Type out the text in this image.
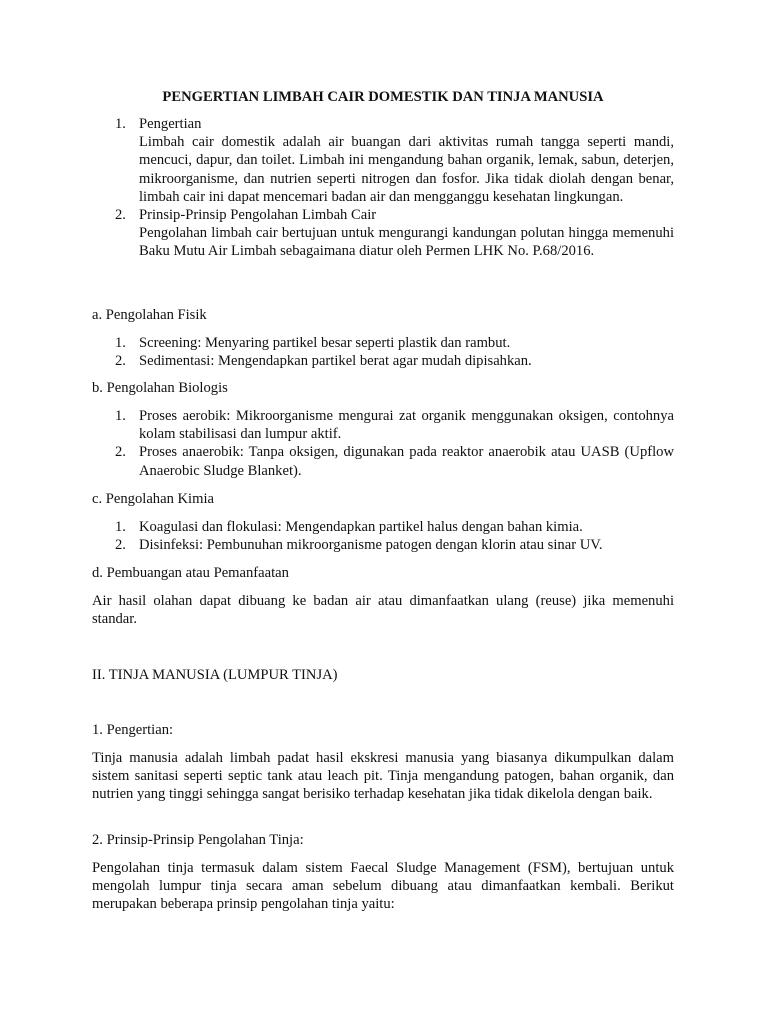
PENGERTIAN LIMBAH CAIR DOMESTIK DAN TINJA MANUSIA
1. Pengertian
Limbah cair domestik adalah air buangan dari aktivitas rumah tangga seperti mandi, mencuci, dapur, dan toilet. Limbah ini mengandung bahan organik, lemak, sabun, deterjen, mikroorganisme, dan nutrien seperti nitrogen dan fosfor. Jika tidak diolah dengan benar, limbah cair ini dapat mencemari badan air dan mengganggu kesehatan lingkungan.
2. Prinsip-Prinsip Pengolahan Limbah Cair
Pengolahan limbah cair bertujuan untuk mengurangi kandungan polutan hingga memenuhi Baku Mutu Air Limbah sebagaimana diatur oleh Permen LHK No. P.68/2016.

a. Pengolahan Fisik

1. Screening: Menyaring partikel besar seperti plastik dan rambut.
2. Sedimentasi: Mengendapkan partikel berat agar mudah dipisahkan.

b. Pengolahan Biologis

1. Proses aerobik: Mikroorganisme mengurai zat organik menggunakan oksigen, contohnya kolam stabilisasi dan lumpur aktif.
2. Proses anaerobik: Tanpa oksigen, digunakan pada reaktor anaerobik atau UASB (Upflow Anaerobic Sludge Blanket).

c. Pengolahan Kimia

1. Koagulasi dan flokulasi: Mengendapkan partikel halus dengan bahan kimia.
2. Disinfeksi: Pembunuhan mikroorganisme patogen dengan klorin atau sinar UV.

d. Pembuangan atau Pemanfaatan

Air hasil olahan dapat dibuang ke badan air atau dimanfaatkan ulang (reuse) jika memenuhi standar.

II. TINJA MANUSIA (LUMPUR TINJA)

1. Pengertian:

Tinja manusia adalah limbah padat hasil ekskresi manusia yang biasanya dikumpulkan dalam sistem sanitasi seperti septic tank atau leach pit. Tinja mengandung patogen, bahan organik, dan nutrien yang tinggi sehingga sangat berisiko terhadap kesehatan jika tidak dikelola dengan baik.

2. Prinsip-Prinsip Pengolahan Tinja:

Pengolahan tinja termasuk dalam sistem Faecal Sludge Management (FSM), bertujuan untuk mengolah lumpur tinja secara aman sebelum dibuang atau dimanfaatkan kembali. Berikut merupakan beberapa prinsip pengolahan tinja yaitu:
